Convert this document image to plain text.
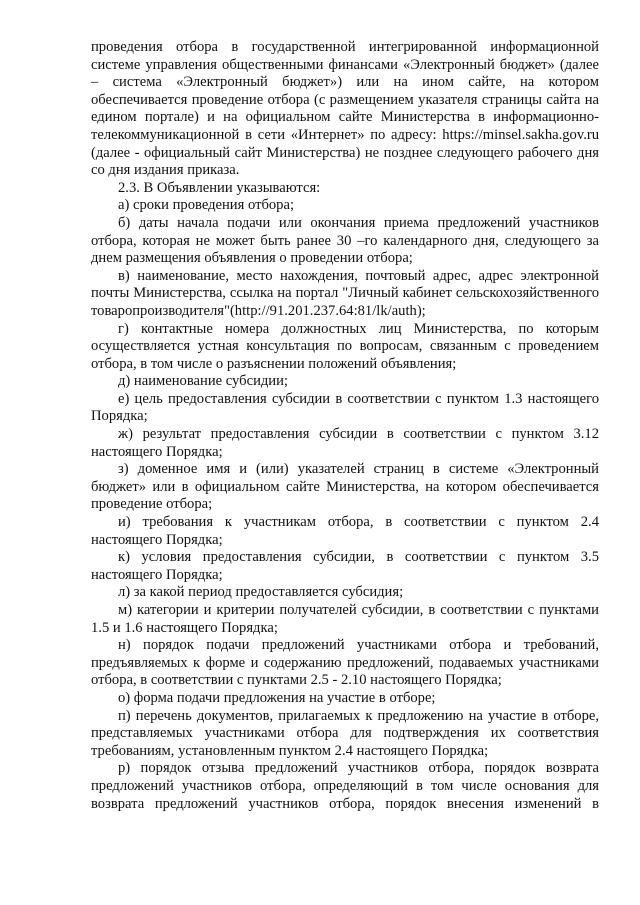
проведения отбора в государственной интегрированной информационной системе управления общественными финансами «Электронный бюджет» (далее – система «Электронный бюджет») или на ином сайте, на котором обеспечивается проведение отбора (с размещением указателя страницы сайта на едином портале) и на официальном сайте Министерства в информационно-телекоммуникационной в сети «Интернет» по адресу: https://minsel.sakha.gov.ru (далее - официальный сайт Министерства) не позднее следующего рабочего дня со дня издания приказа.

2.3. В Объявлении указываются:

а) сроки проведения отбора;

б) даты начала подачи или окончания приема предложений участников отбора, которая не может быть ранее 30 –го календарного дня, следующего за днем размещения объявления о проведении отбора;

в) наименование, место нахождения, почтовый адрес, адрес электронной почты Министерства, ссылка на портал "Личный кабинет сельскохозяйственного товаропроизводителя"(http://91.201.237.64:81/lk/auth);

г) контактные номера должностных лиц Министерства, по которым осуществляется устная консультация по вопросам, связанным с проведением отбора, в том числе о разъяснении положений объявления;

д) наименование субсидии;

е) цель предоставления субсидии в соответствии с пунктом 1.3 настоящего Порядка;

ж) результат предоставления субсидии в соответствии с пунктом 3.12 настоящего Порядка;

з) доменное имя и (или) указателей страниц в системе «Электронный бюджет» или в официальном сайте Министерства, на котором обеспечивается проведение отбора;

и) требования к участникам отбора, в соответствии с пунктом 2.4 настоящего Порядка;

к) условия предоставления субсидии, в соответствии с пунктом 3.5 настоящего Порядка;

л) за какой период предоставляется субсидия;

м) категории и критерии получателей субсидии, в соответствии с пунктами 1.5 и 1.6 настоящего Порядка;

н) порядок подачи предложений участниками отбора и требований, предъявляемых к форме и содержанию предложений, подаваемых участниками отбора, в соответствии с пунктами 2.5 - 2.10 настоящего Порядка;

о) форма подачи предложения на участие в отборе;

п) перечень документов, прилагаемых к предложению на участие в отборе, представляемых участниками отбора для подтверждения их соответствия требованиям, установленным пунктом 2.4 настоящего Порядка;

р) порядок отзыва предложений участников отбора, порядок возврата предложений участников отбора, определяющий в том числе основания для возврата предложений участников отбора, порядок внесения изменений в
